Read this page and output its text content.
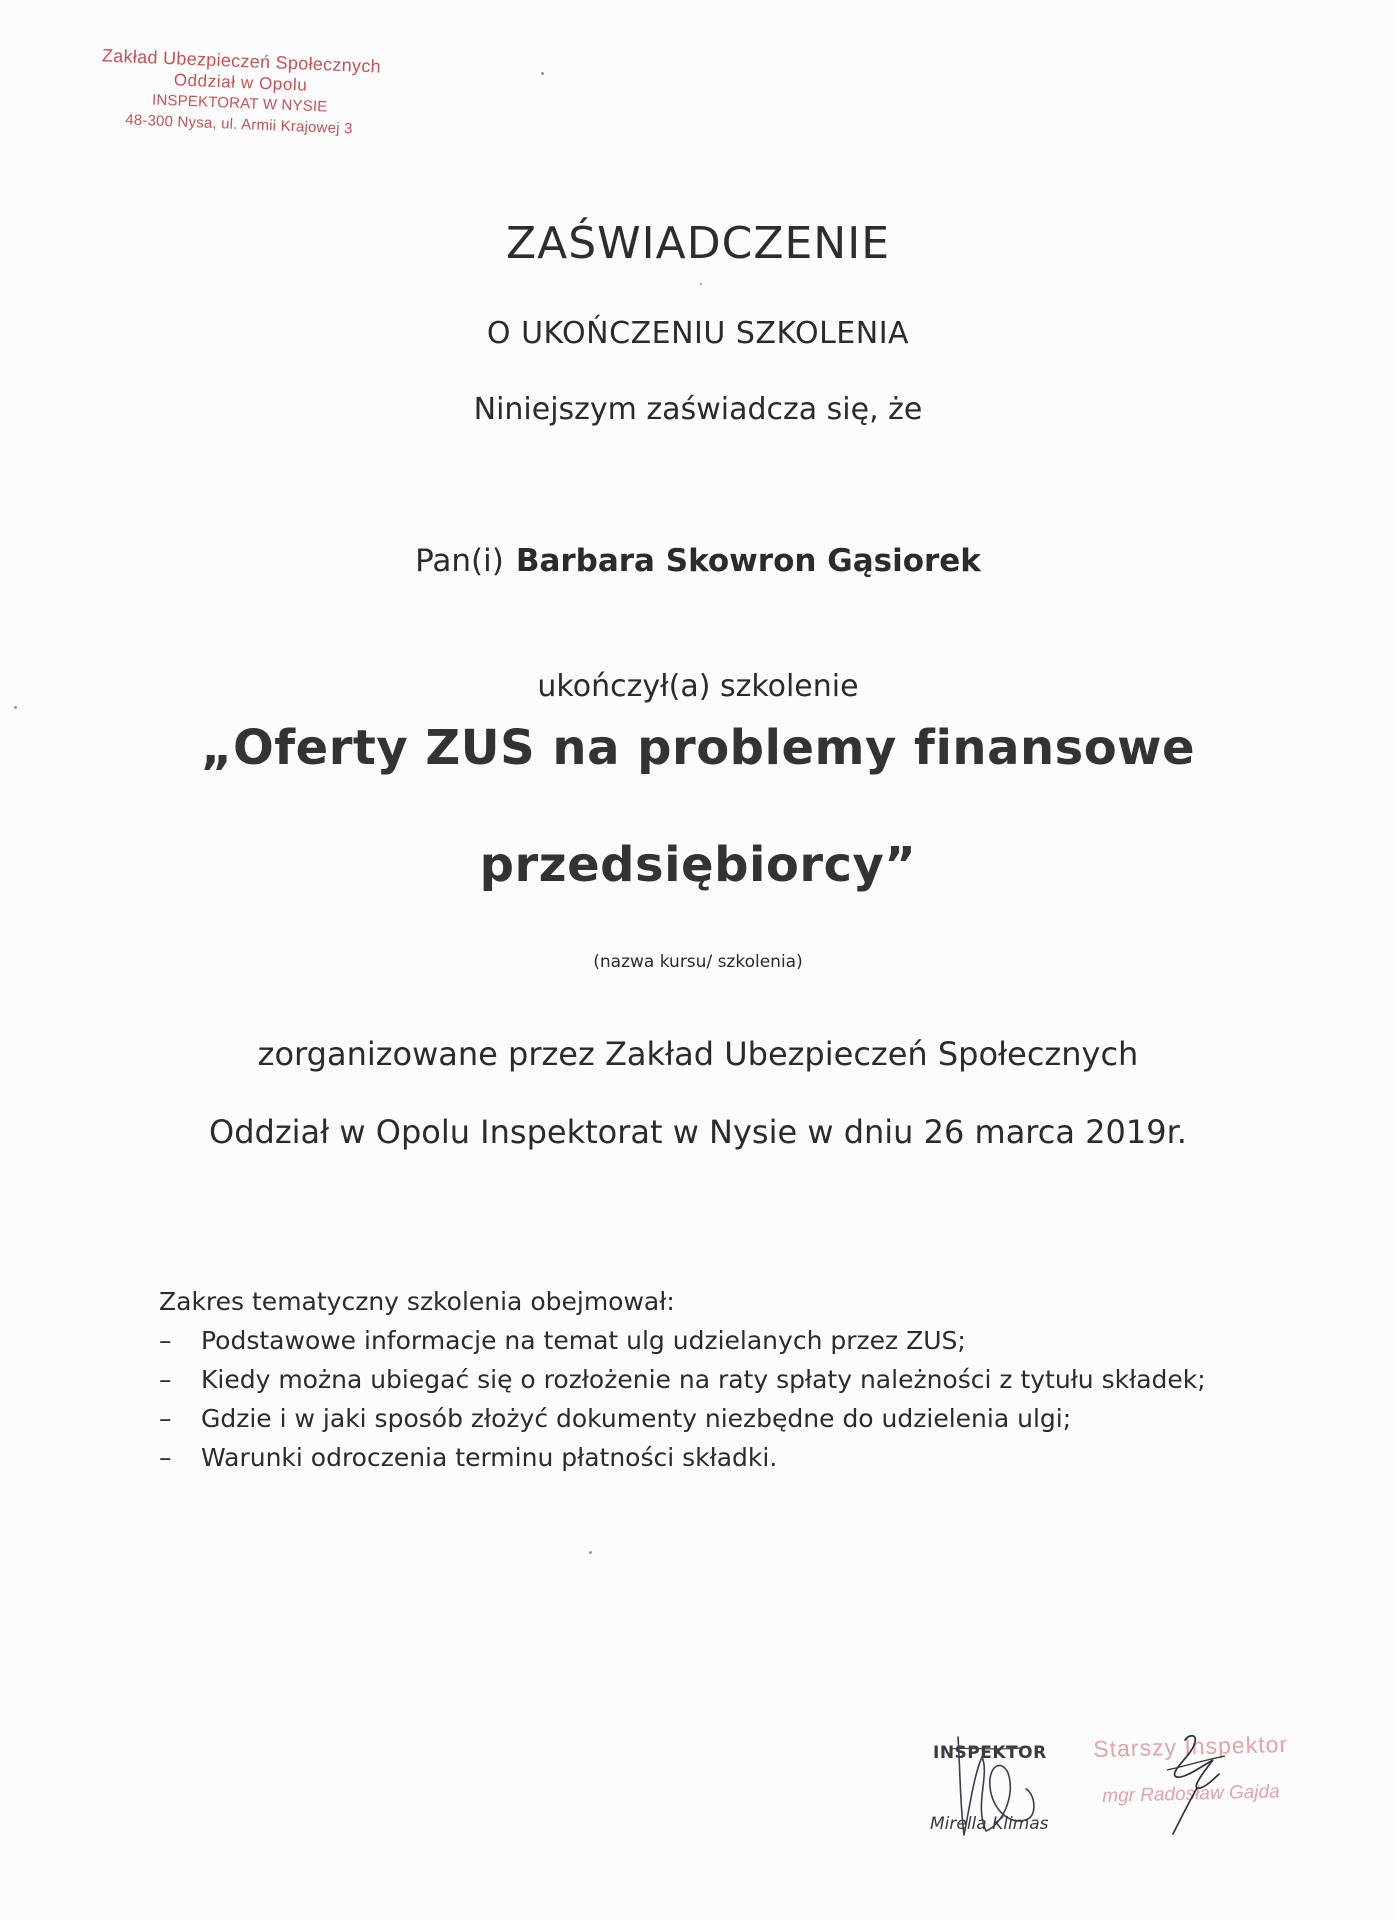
Zakład Ubezpieczeń Społecznych
Oddział w Opolu
INSPEKTORAT W NYSIE
48-300 Nysa, ul. Armii Krajowej 3
ZAŚWIADCZENIE
O UKOŃCZENIU SZKOLENIA
Niniejszym zaświadcza się, że
Pan(i) Barbara Skowron Gąsiorek
ukończył(a) szkolenie
„Oferty ZUS na problemy finansowe
przedsiębiorcy”
(nazwa kursu/ szkolenia)
zorganizowane przez Zakład Ubezpieczeń Społecznych
Oddział w Opolu Inspektorat w Nysie w dniu 26 marca 2019r.
Zakres tematyczny szkolenia obejmował:
– Podstawowe informacje na temat ulg udzielanych przez ZUS;
– Kiedy można ubiegać się o rozłożenie na raty spłaty należności z tytułu składek;
– Gdzie i w jaki sposób złożyć dokumenty niezbędne do udzielenia ulgi;
– Warunki odroczenia terminu płatności składki.
INSPEKTOR
Mirella Klimas
Starszy Inspektor
mgr Radosław Gajda
